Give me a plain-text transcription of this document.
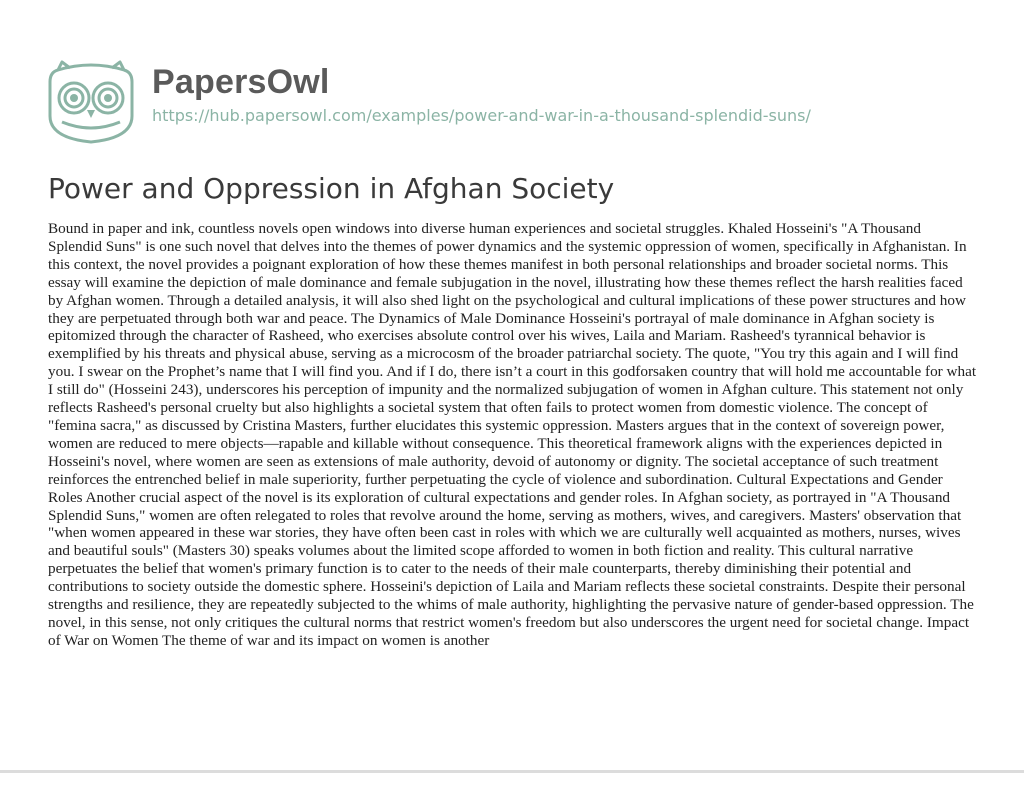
PapersOwl
https://hub.papersowl.com/examples/power-and-war-in-a-thousand-splendid-suns/
Power and Oppression in Afghan Society

Bound in paper and ink, countless novels open windows into diverse human experiences and societal struggles. Khaled Hosseini's "A Thousand Splendid Suns" is one such novel that delves into the themes of power dynamics and the systemic oppression of women, specifically in Afghanistan. In this context, the novel provides a poignant exploration of how these themes manifest in both personal relationships and broader societal norms. This essay will examine the depiction of male dominance and female subjugation in the novel, illustrating how these themes reflect the harsh realities faced by Afghan women. Through a detailed analysis, it will also shed light on the psychological and cultural implications of these power structures and how they are perpetuated through both war and peace. The Dynamics of Male Dominance Hosseini's portrayal of male dominance in Afghan society is epitomized through the character of Rasheed, who exercises absolute control over his wives, Laila and Mariam. Rasheed's tyrannical behavior is exemplified by his threats and physical abuse, serving as a microcosm of the broader patriarchal society. The quote, "You try this again and I will find you. I swear on the Prophet’s name that I will find you. And if I do, there isn’t a court in this godforsaken country that will hold me accountable for what I still do" (Hosseini 243), underscores his perception of impunity and the normalized subjugation of women in Afghan culture. This statement not only reflects Rasheed's personal cruelty but also highlights a societal system that often fails to protect women from domestic violence. The concept of "femina sacra," as discussed by Cristina Masters, further elucidates this systemic oppression. Masters argues that in the context of sovereign power, women are reduced to mere objects—rapable and killable without consequence. This theoretical framework aligns with the experiences depicted in Hosseini's novel, where women are seen as extensions of male authority, devoid of autonomy or dignity. The societal acceptance of such treatment reinforces the entrenched belief in male superiority, further perpetuating the cycle of violence and subordination. Cultural Expectations and Gender Roles Another crucial aspect of the novel is its exploration of cultural expectations and gender roles. In Afghan society, as portrayed in "A Thousand Splendid Suns," women are often relegated to roles that revolve around the home, serving as mothers, wives, and caregivers. Masters' observation that "when women appeared in these war stories, they have often been cast in roles with which we are culturally well acquainted as mothers, nurses, wives and beautiful souls" (Masters 30) speaks volumes about the limited scope afforded to women in both fiction and reality. This cultural narrative perpetuates the belief that women's primary function is to cater to the needs of their male counterparts, thereby diminishing their potential and contributions to society outside the domestic sphere. Hosseini's depiction of Laila and Mariam reflects these societal constraints. Despite their personal strengths and resilience, they are repeatedly subjected to the whims of male authority, highlighting the pervasive nature of gender-based oppression. The novel, in this sense, not only critiques the cultural norms that restrict women's freedom but also underscores the urgent need for societal change. Impact of War on Women The theme of war and its impact on women is another
